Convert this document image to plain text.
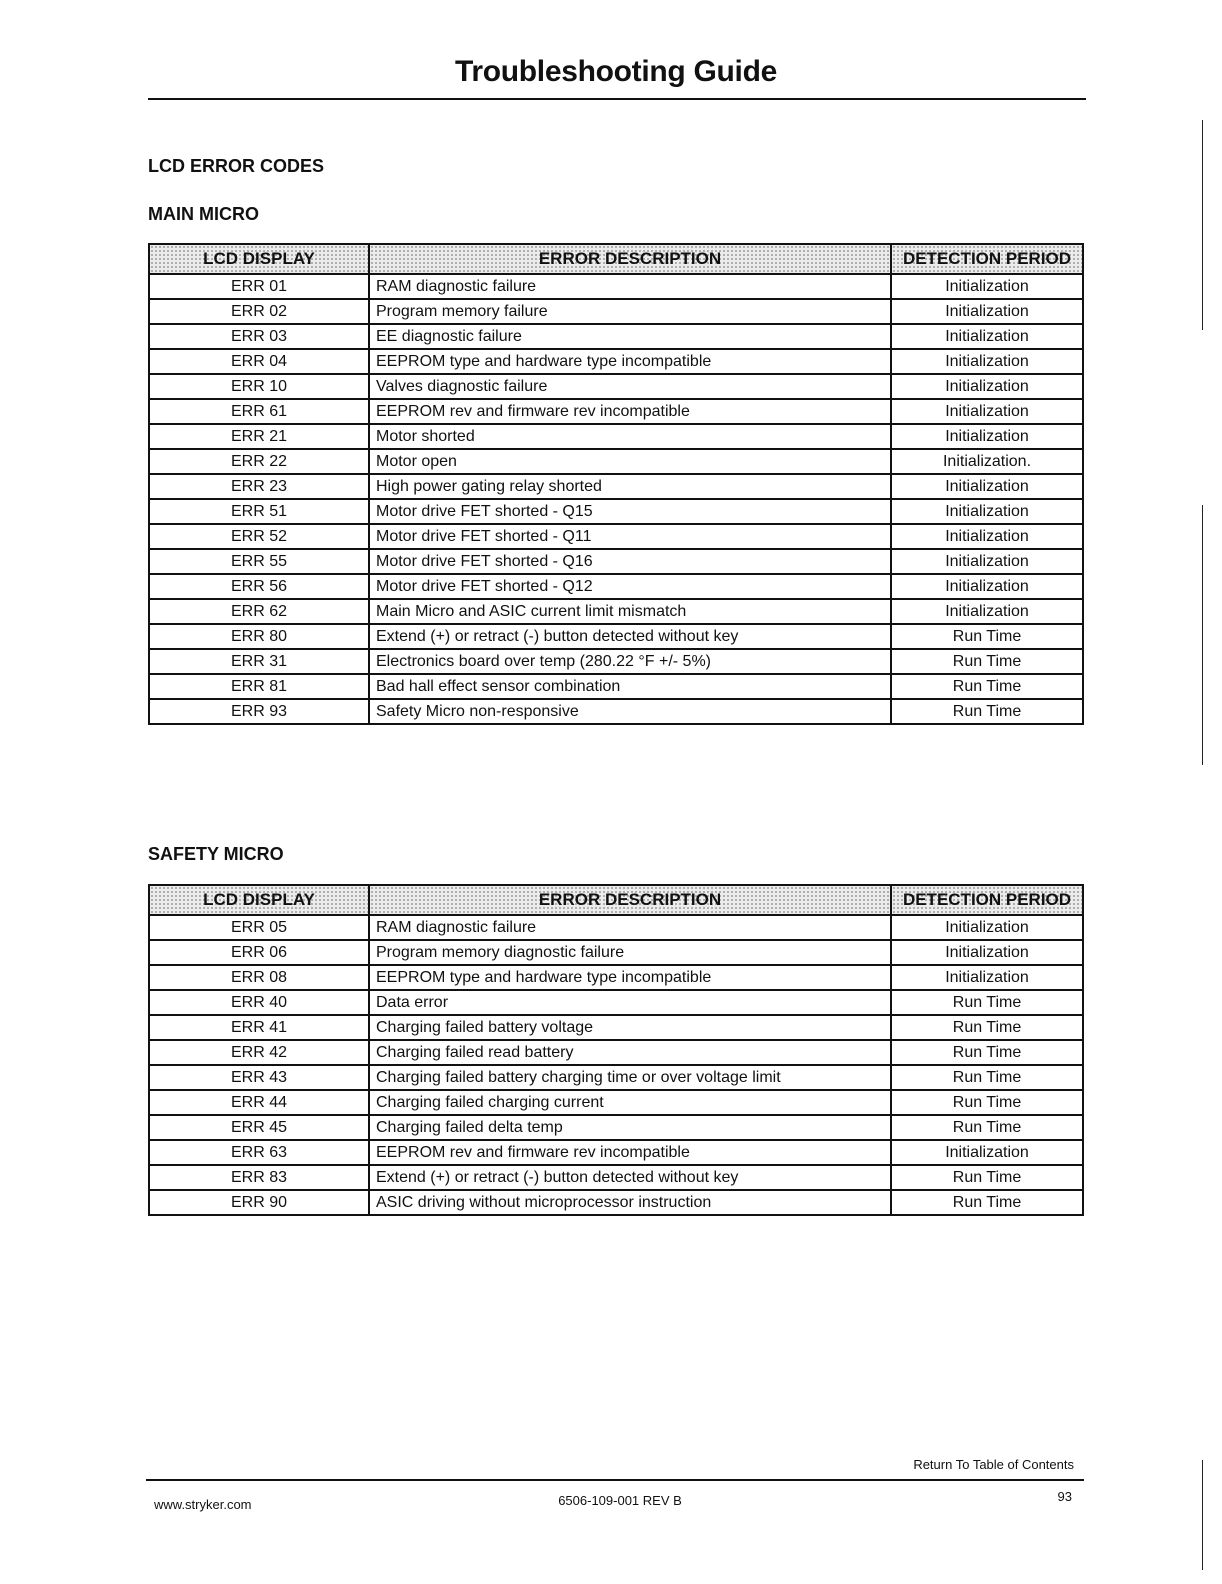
Troubleshooting Guide
LCD ERROR CODES
MAIN MICRO
LCD DISPLAY	ERROR DESCRIPTION	DETECTION PERIOD
ERR 01	RAM diagnostic failure	Initialization
ERR 02	Program memory failure	Initialization
ERR 03	EE diagnostic failure	Initialization
ERR 04	EEPROM type and hardware type incompatible	Initialization
ERR 10	Valves diagnostic failure	Initialization
ERR 61	EEPROM rev and firmware rev incompatible	Initialization
ERR 21	Motor shorted	Initialization
ERR 22	Motor open	Initialization.
ERR 23	High power gating relay shorted	Initialization
ERR 51	Motor drive FET shorted - Q15	Initialization
ERR 52	Motor drive FET shorted - Q11	Initialization
ERR 55	Motor drive FET shorted - Q16	Initialization
ERR 56	Motor drive FET shorted - Q12	Initialization
ERR 62	Main Micro and ASIC current limit mismatch	Initialization
ERR 80	Extend (+) or retract (-) button detected without key	Run Time
ERR 31	Electronics board over temp (280.22 °F +/- 5%)	Run Time
ERR 81	Bad hall effect sensor combination	Run Time
ERR 93	Safety Micro non-responsive	Run Time
SAFETY MICRO
LCD DISPLAY	ERROR DESCRIPTION	DETECTION PERIOD
ERR 05	RAM diagnostic failure	Initialization
ERR 06	Program memory diagnostic failure	Initialization
ERR 08	EEPROM type and hardware type incompatible	Initialization
ERR 40	Data error	Run Time
ERR 41	Charging failed battery voltage	Run Time
ERR 42	Charging failed read battery	Run Time
ERR 43	Charging failed battery charging time or over voltage limit	Run Time
ERR 44	Charging failed charging current	Run Time
ERR 45	Charging failed delta temp	Run Time
ERR 63	EEPROM rev and firmware rev incompatible	Initialization
ERR 83	Extend (+) or retract (-) button detected without key	Run Time
ERR 90	ASIC driving without microprocessor instruction	Run Time
Return To Table of Contents
www.stryker.com	6506-109-001 REV B	93
